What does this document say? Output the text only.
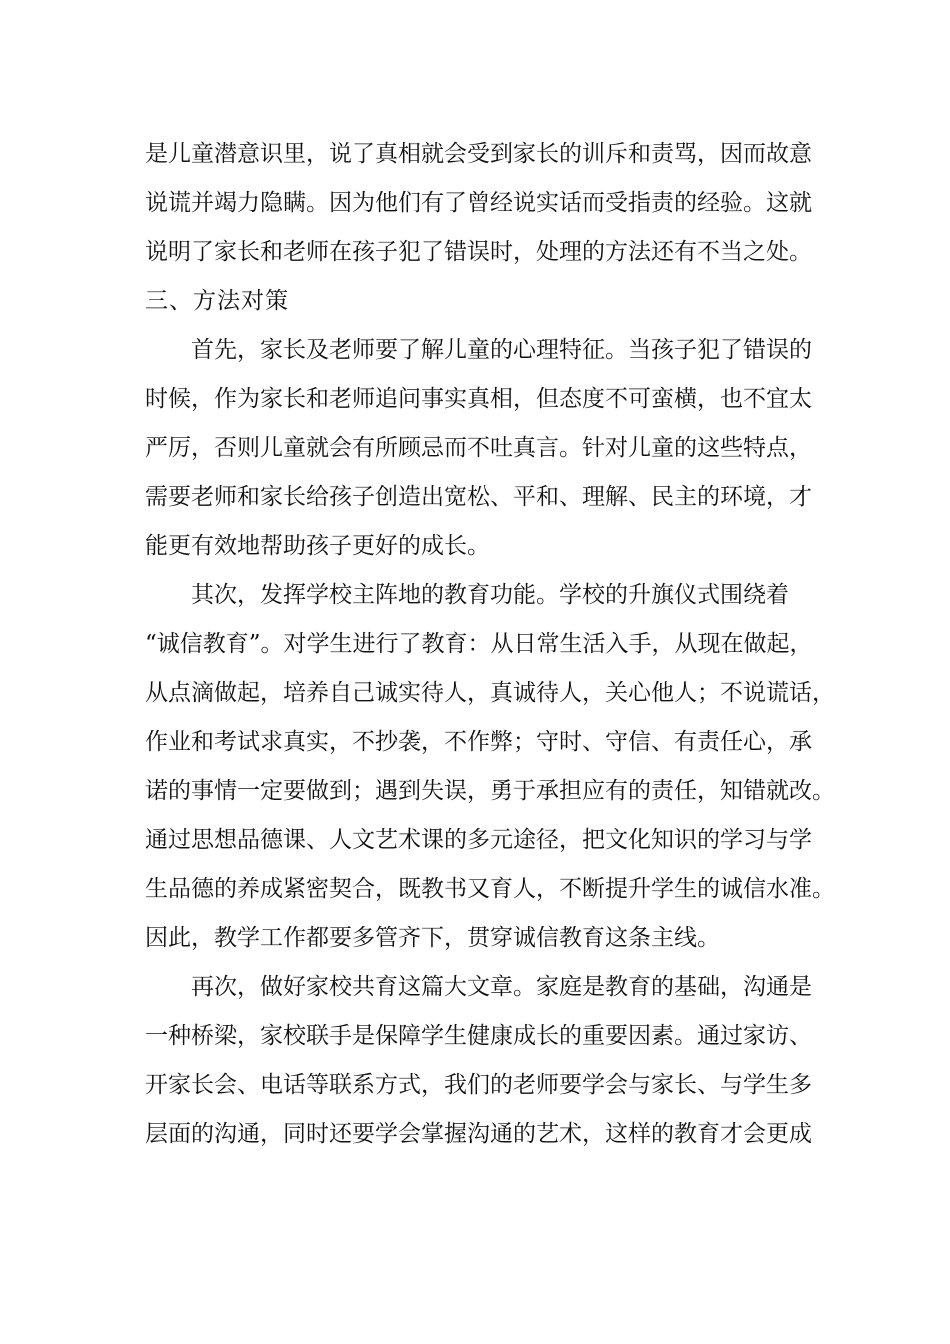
是儿童潜意识里，说了真相就会受到家长的训斥和责骂，因而故意
说谎并竭力隐瞒。因为他们有了曾经说实话而受指责的经验。这就
说明了家长和老师在孩子犯了错误时，处理的方法还有不当之处。
三、方法对策
首先，家长及老师要了解儿童的心理特征。当孩子犯了错误的
时候，作为家长和老师追问事实真相，但态度不可蛮横，也不宜太
严厉，否则儿童就会有所顾忌而不吐真言。针对儿童的这些特点，
需要老师和家长给孩子创造出宽松、平和、理解、民主的环境，才
能更有效地帮助孩子更好的成长。
其次，发挥学校主阵地的教育功能。学校的升旗仪式围绕着
“诚信教育”。对学生进行了教育：从日常生活入手，从现在做起，
从点滴做起，培养自己诚实待人，真诚待人，关心他人；不说谎话，
作业和考试求真实，不抄袭，不作弊；守时、守信、有责任心，承
诺的事情一定要做到；遇到失误，勇于承担应有的责任，知错就改。
通过思想品德课、人文艺术课的多元途径，把文化知识的学习与学
生品德的养成紧密契合，既教书又育人，不断提升学生的诚信水准。
因此，教学工作都要多管齐下，贯穿诚信教育这条主线。
再次，做好家校共育这篇大文章。家庭是教育的基础，沟通是
一种桥梁，家校联手是保障学生健康成长的重要因素。通过家访、
开家长会、电话等联系方式，我们的老师要学会与家长、与学生多
层面的沟通，同时还要学会掌握沟通的艺术，这样的教育才会更成
